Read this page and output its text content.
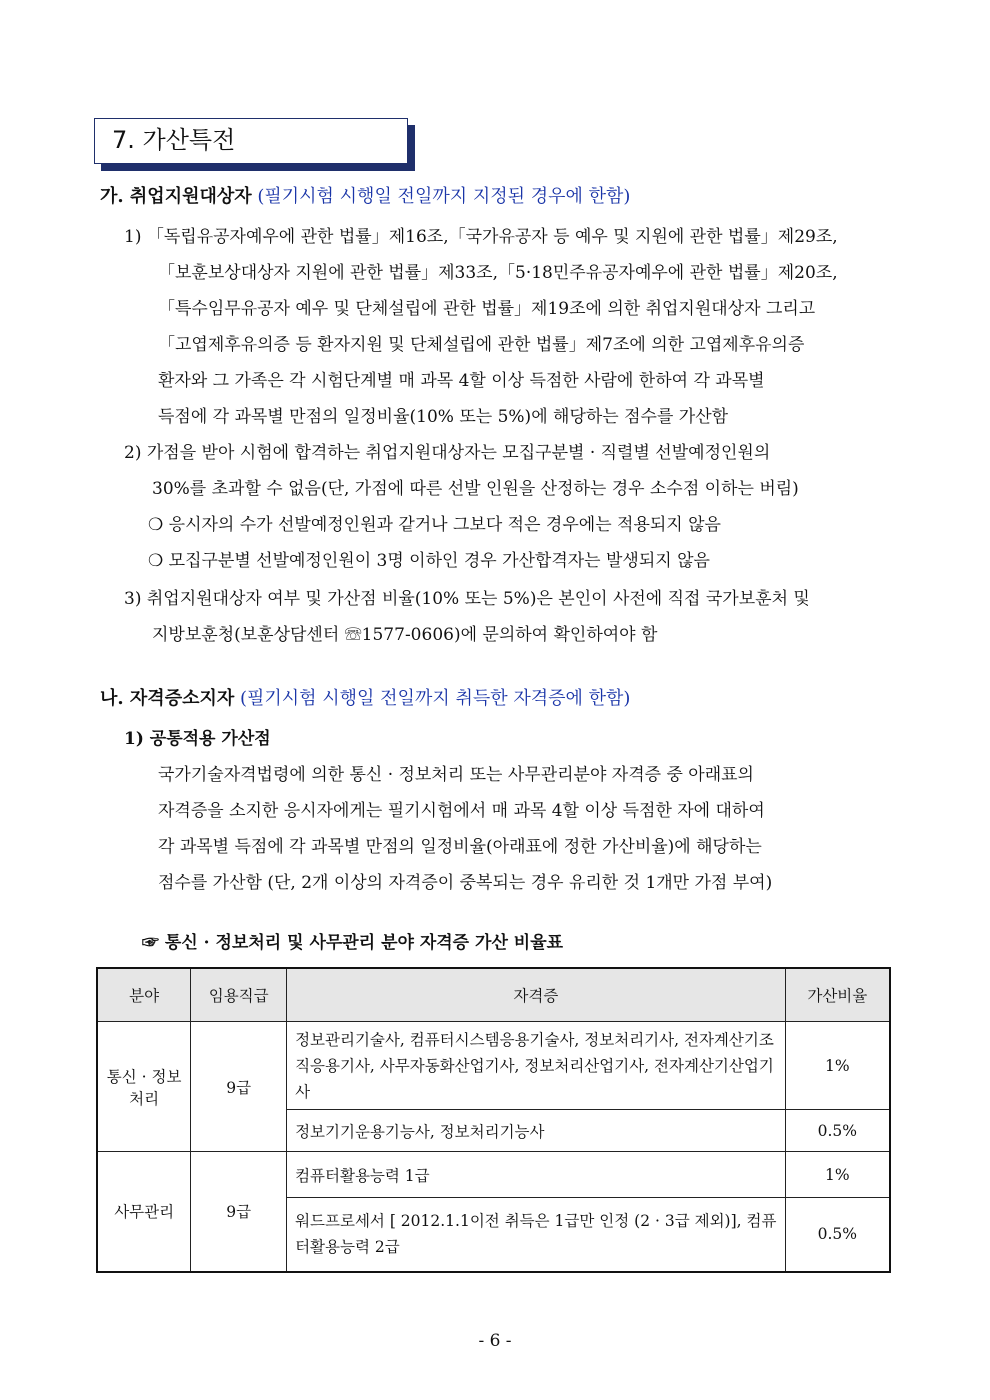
7. 가산특전
가. 취업지원대상자 (필기시험 시행일 전일까지 지정된 경우에 한함)
1) 「독립유공자예우에 관한 법률」제16조,「국가유공자 등 예우 및 지원에 관한 법률」제29조,
「보훈보상대상자 지원에 관한 법률」제33조,「5·18민주유공자예우에 관한 법률」제20조,
「특수임무유공자 예우 및 단체설립에 관한 법률」제19조에 의한 취업지원대상자 그리고
「고엽제후유의증 등 환자지원 및 단체설립에 관한 법률」제7조에 의한 고엽제후유의증
환자와 그 가족은 각 시험단계별 매 과목 4할 이상 득점한 사람에 한하여 각 과목별
득점에 각 과목별 만점의 일정비율(10% 또는 5%)에 해당하는 점수를 가산함
2) 가점을 받아 시험에 합격하는 취업지원대상자는 모집구분별 · 직렬별 선발예정인원의
30%를 초과할 수 없음(단, 가점에 따른 선발 인원을 산정하는 경우 소수점 이하는 버림)
❍ 응시자의 수가 선발예정인원과 같거나 그보다 적은 경우에는 적용되지 않음
❍ 모집구분별 선발예정인원이 3명 이하인 경우 가산합격자는 발생되지 않음
3) 취업지원대상자 여부 및 가산점 비율(10% 또는 5%)은 본인이 사전에 직접 국가보훈처 및
지방보훈청(보훈상담센터 ☏1577-0606)에 문의하여 확인하여야 함
나. 자격증소지자 (필기시험 시행일 전일까지 취득한 자격증에 한함)
1) 공통적용 가산점
국가기술자격법령에 의한 통신 · 정보처리 또는 사무관리분야 자격증 중 아래표의
자격증을 소지한 응시자에게는 필기시험에서 매 과목 4할 이상 득점한 자에 대하여
각 과목별 득점에 각 과목별 만점의 일정비율(아래표에 정한 가산비율)에 해당하는
점수를 가산함 (단, 2개 이상의 자격증이 중복되는 경우 유리한 것 1개만 가점 부여)
☞ 통신 · 정보처리 및 사무관리 분야 자격증 가산 비율표
분야	임용직급	자격증	가산비율
통신 · 정보처리	9급	정보관리기술사, 컴퓨터시스템응용기술사, 정보처리기사, 전자계산기조직응용기사, 사무자동화산업기사, 정보처리산업기사, 전자계산기산업기사	1%
		정보기기운용기능사, 정보처리기능사	0.5%
사무관리	9급	컴퓨터활용능력 1급	1%
		워드프로세서 [ 2012.1.1이전 취득은 1급만 인정 (2 · 3급 제외)], 컴퓨터활용능력 2급	0.5%
- 6 -
